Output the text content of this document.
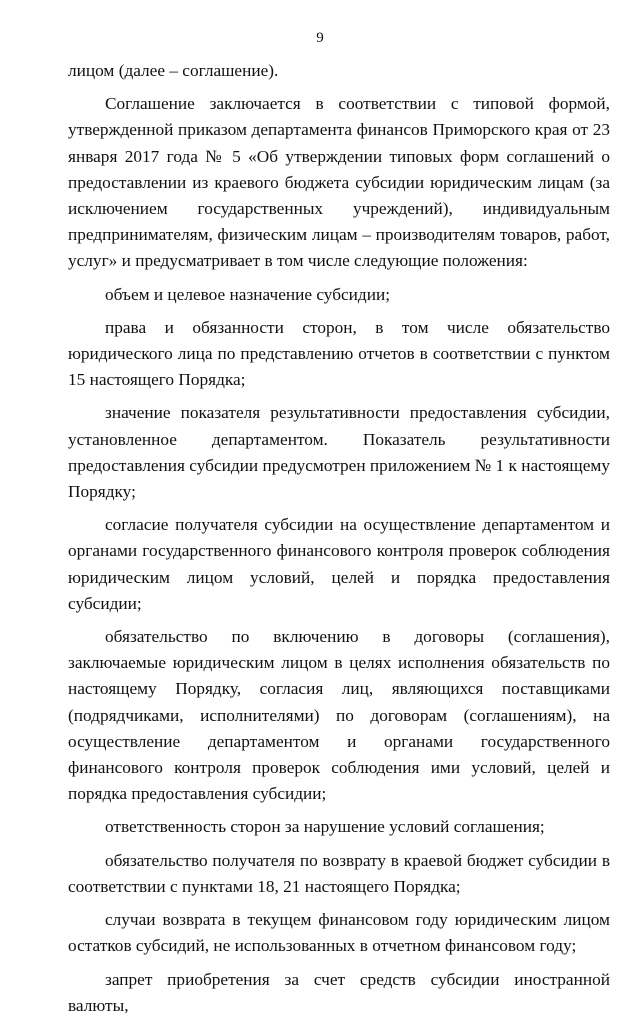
9

лицом (далее – соглашение).

Соглашение заключается в соответствии с типовой формой, утвержденной приказом департамента финансов Приморского края от 23 января 2017 года № 5 «Об утверждении типовых форм соглашений о предоставлении из краевого бюджета субсидии юридическим лицам (за исключением государственных учреждений), индивидуальным предпринимателям, физическим лицам – производителям товаров, работ, услуг» и предусматривает в том числе следующие положения:

объем и целевое назначение субсидии;

права и обязанности сторон, в том числе обязательство юридического лица по представлению отчетов в соответствии с пунктом 15 настоящего Порядка;

значение показателя результативности предоставления субсидии, установленное департаментом. Показатель результативности предоставления субсидии предусмотрен приложением № 1 к настоящему Порядку;

согласие получателя субсидии на осуществление департаментом и органами государственного финансового контроля проверок соблюдения юридическим лицом условий, целей и порядка предоставления субсидии;

обязательство по включению в договоры (соглашения), заключаемые юридическим лицом в целях исполнения обязательств по настоящему Порядку, согласия лиц, являющихся поставщиками (подрядчиками, исполнителями) по договорам (соглашениям), на осуществление департаментом и органами государственного финансового контроля проверок соблюдения ими условий, целей и порядка предоставления субсидии;

ответственность сторон за нарушение условий соглашения;

обязательство получателя по возврату в краевой бюджет субсидии в соответствии с пунктами 18, 21 настоящего Порядка;

случаи возврата в текущем финансовом году юридическим лицом остатков субсидий, не использованных в отчетном финансовом году;

запрет приобретения за счет средств субсидии иностранной валюты,
